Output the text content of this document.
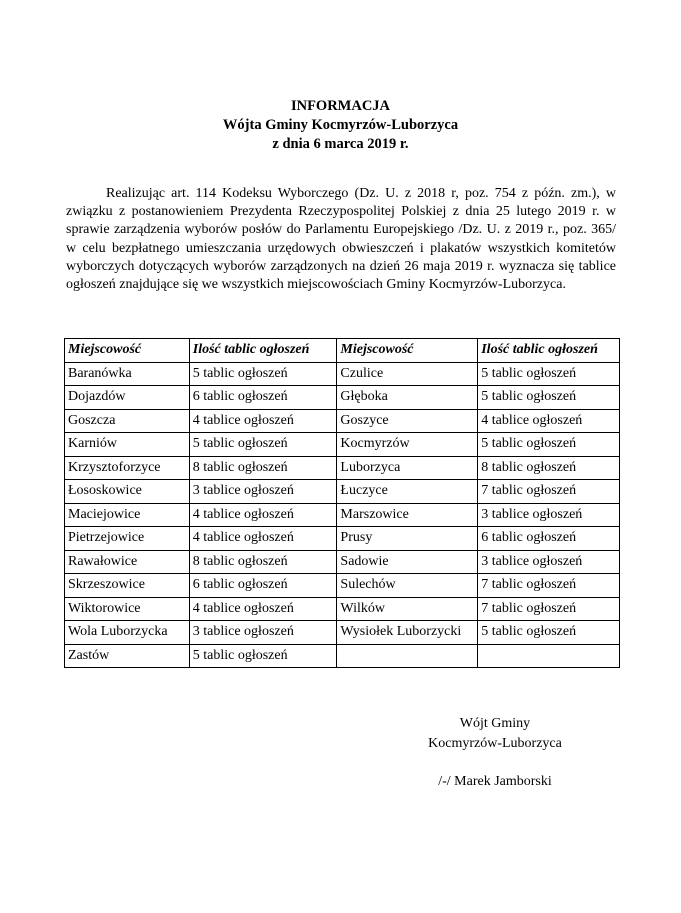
INFORMACJA
Wójta Gminy Kocmyrzów-Luborzyca
z dnia 6 marca 2019 r.
Realizując art. 114 Kodeksu Wyborczego (Dz. U. z 2018 r, poz. 754 z późn. zm.), w związku z postanowieniem Prezydenta Rzeczypospolitej Polskiej z dnia 25 lutego 2019 r. w sprawie zarządzenia wyborów posłów do Parlamentu Europejskiego /Dz. U. z 2019 r., poz. 365/ w celu bezpłatnego umieszczania urzędowych obwieszczeń i plakatów wszystkich komitetów wyborczych dotyczących wyborów zarządzonych na dzień 26 maja 2019 r. wyznacza się tablice ogłoszeń znajdujące się we wszystkich miejscowościach Gminy Kocmyrzów-Luborzyca.
Miejscowość	Ilość tablic ogłoszeń	Miejscowość	Ilość tablic ogłoszeń
Baranówka	5 tablic ogłoszeń	Czulice	5 tablic ogłoszeń
Dojazdów	6 tablic ogłoszeń	Głęboka	5 tablic ogłoszeń
Goszcza	4 tablice ogłoszeń	Goszyce	4 tablice ogłoszeń
Karniów	5 tablic ogłoszeń	Kocmyrzów	5 tablic ogłoszeń
Krzysztoforzyce	8 tablic ogłoszeń	Luborzyca	8 tablic ogłoszeń
Łososkowice	3 tablice ogłoszeń	Łuczyce	7 tablic ogłoszeń
Maciejowice	4 tablice ogłoszeń	Marszowice	3 tablice ogłoszeń
Pietrzejowice	4 tablice ogłoszeń	Prusy	6 tablic ogłoszeń
Rawałowice	8 tablic ogłoszeń	Sadowie	3 tablice ogłoszeń
Skrzeszowice	6 tablic ogłoszeń	Sulechów	7 tablic ogłoszeń
Wiktorowice	4 tablice ogłoszeń	Wilków	7 tablic ogłoszeń
Wola Luborzycka	3 tablice ogłoszeń	Wysiołek Luborzycki	5 tablic ogłoszeń
Zastów	5 tablic ogłoszeń		
Wójt Gminy
Kocmyrzów-Luborzyca
/-/ Marek Jamborski
